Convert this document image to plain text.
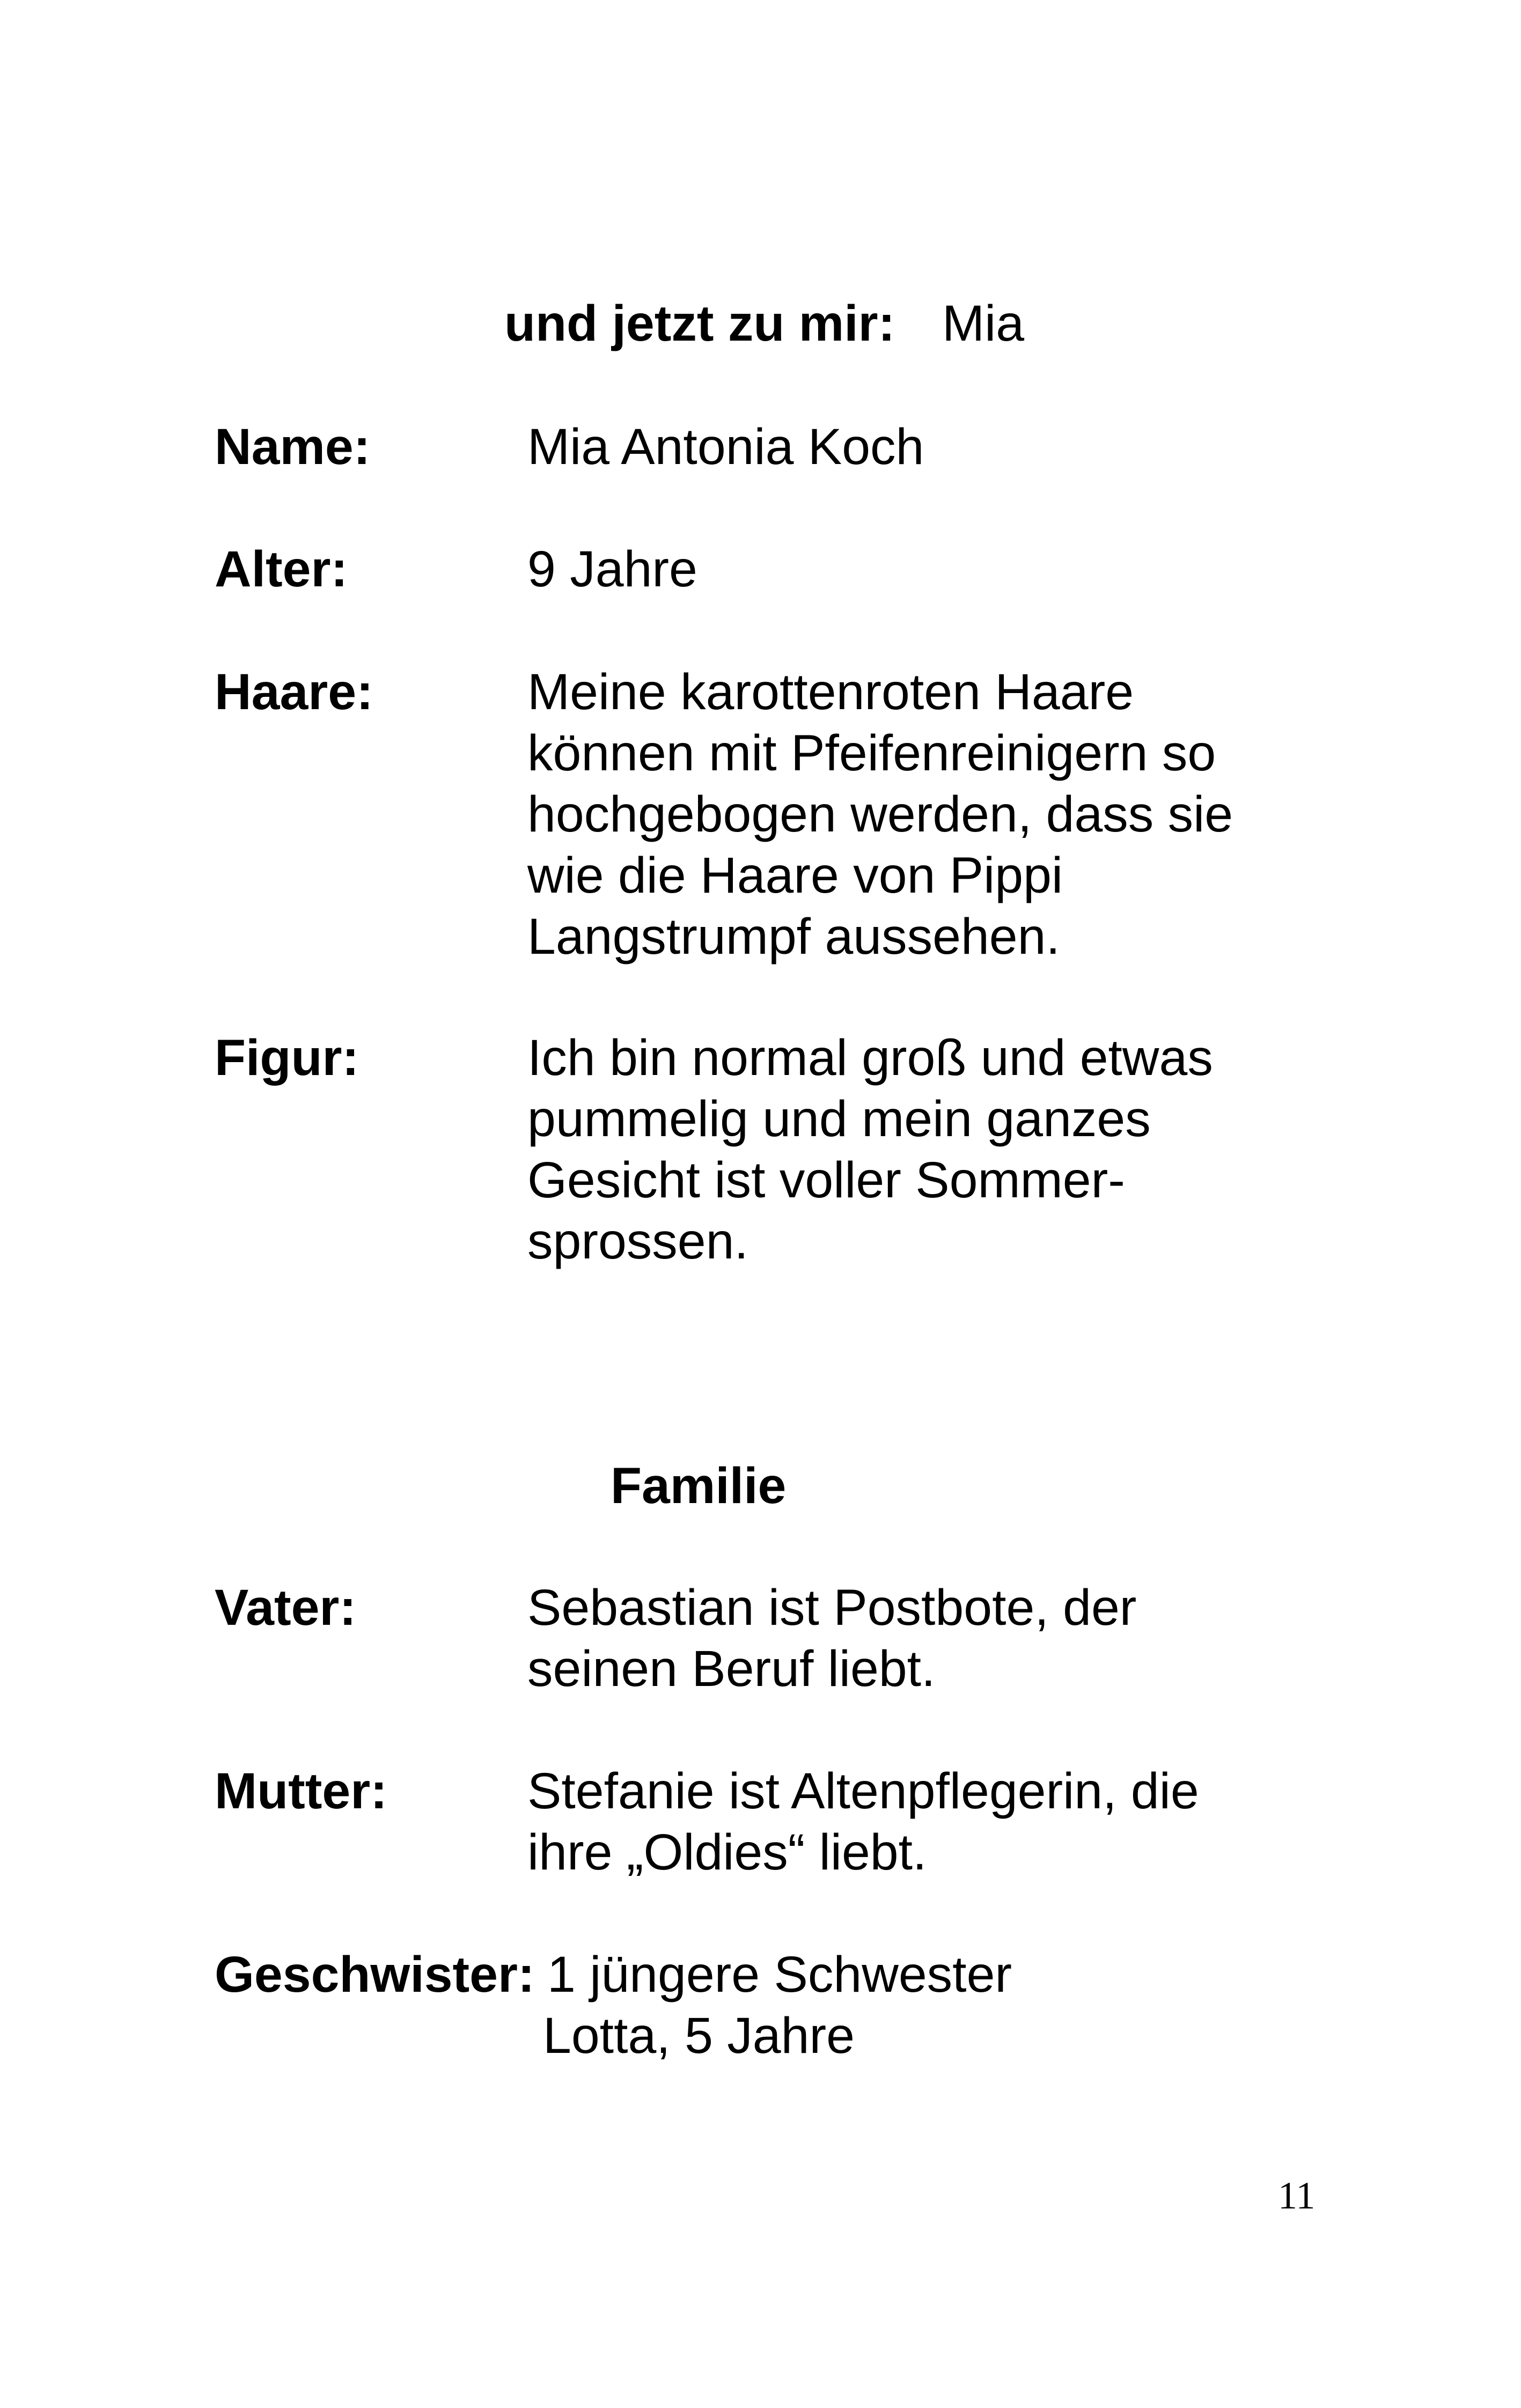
und jetzt zu mir: Mia
Name:	Mia Antonia Koch
Alter:	9 Jahre
Haare:	Meine karottenroten Haare
können mit Pfeifenreinigern so
hochgebogen werden, dass sie
wie die Haare von Pippi
Langstrumpf aussehen.
Figur:	Ich bin normal groß und etwas
pummelig und mein ganzes
Gesicht ist voller Sommer-
sprossen.
Familie
Vater:	Sebastian ist Postbote, der
seinen Beruf liebt.
Mutter:	Stefanie ist Altenpflegerin, die
ihre „Oldies“ liebt.
Geschwister: 1 jüngere Schwester
Lotta, 5 Jahre
11
